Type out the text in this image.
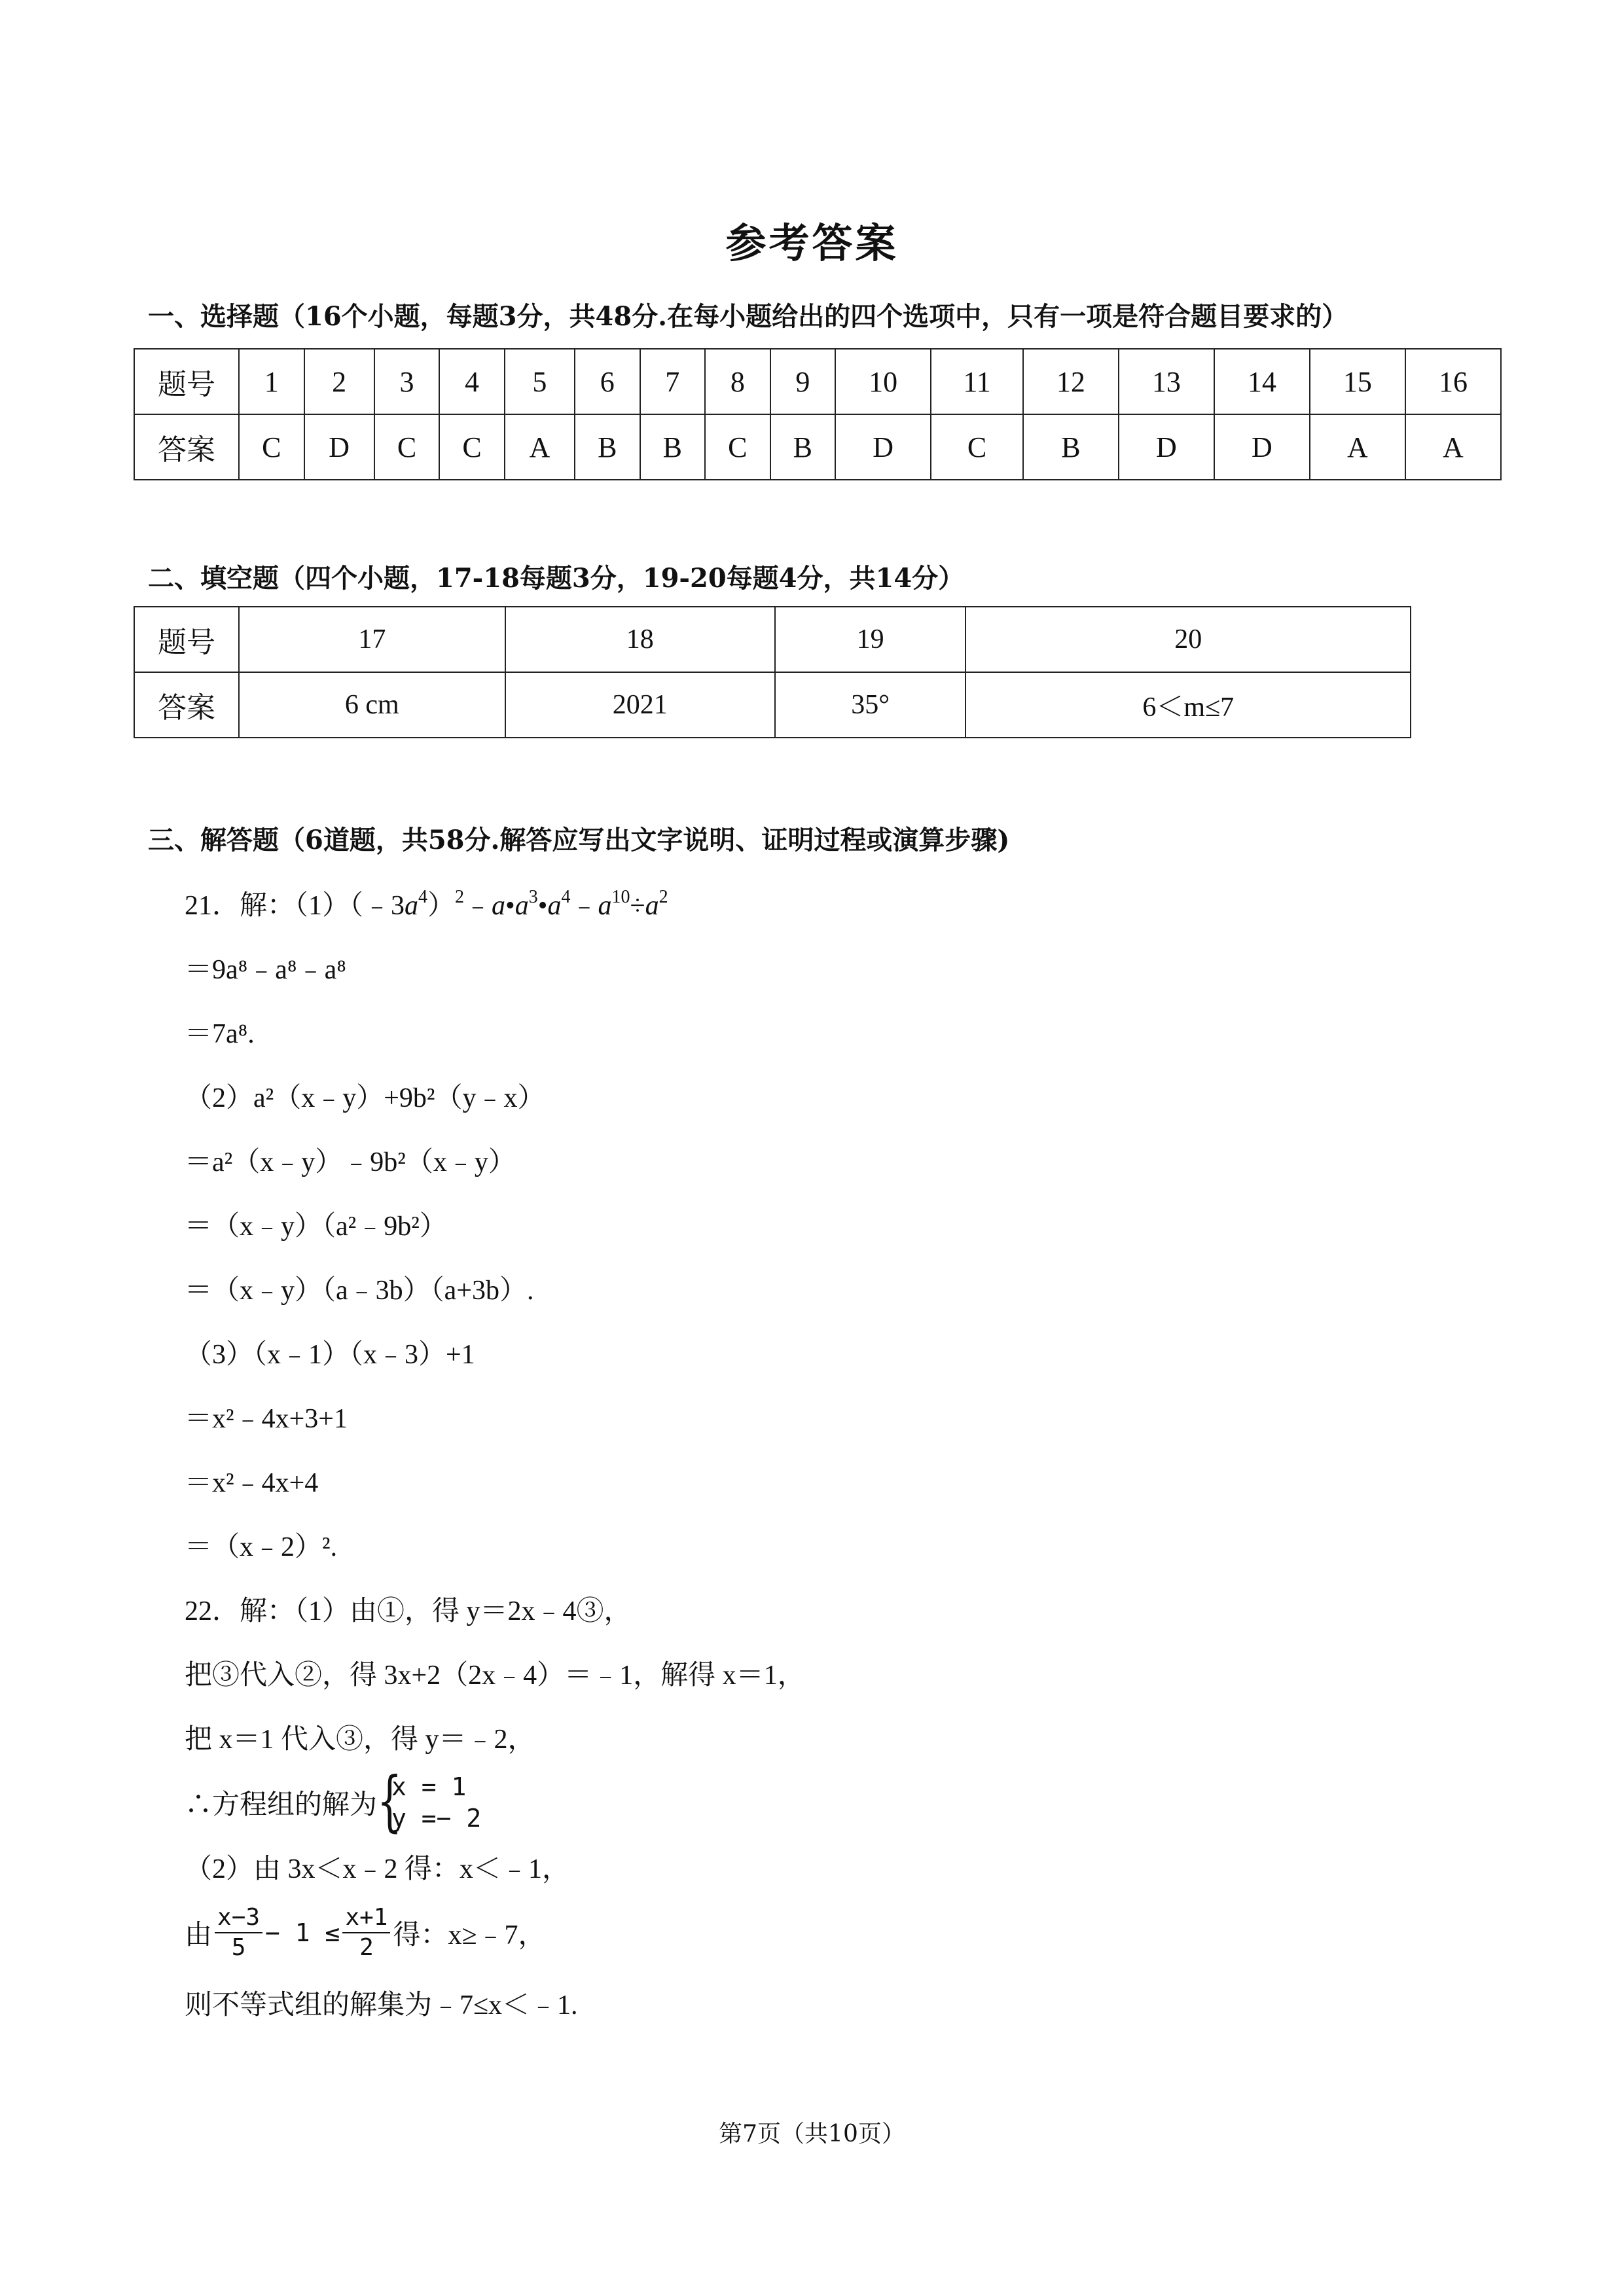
参考答案
一、选择题（16个小题，每题3分，共48分.在每小题给出的四个选项中，只有一项是符合题目要求的）
题号	1	2	3	4	5	6	7	8	9	10	11	12	13	14	15	16
答案	C	D	C	C	A	B	B	C	B	D	C	B	D	D	A	A
二、填空题（四个小题，17-18每题3分，19-20每题4分，共14分）
题号	17	18	19	20
答案	6 cm	2021	35°	6＜m≤7
三、解答题（6道题，共58分.解答应写出文字说明、证明过程或演算步骤)
21．解：$(1)(﹣3a^4)^2﹣a•a^3•a^4﹣a^{10}\div a^2$
＝9a⁸﹣a⁸﹣a⁸
＝7a⁸.
（2）a²（x﹣y）+9b²（y﹣x）
＝a²（x﹣y）﹣9b²（x﹣y）
＝（x﹣y）（a²﹣9b²）
＝（x﹣y）（a﹣3b）（a+3b）.
（3）（x﹣1）（x﹣3）+1
＝x²﹣4x+3+1
＝x²﹣4x+4
＝（x﹣2）².
22．解：（1）由①，得 y＝2x﹣4③，
把③代入②，得 3x+2（2x﹣4）＝﹣1，解得 x＝1，
把 x＝1 代入③，得 y＝﹣2，
∴方程组的解为 {
x = 1
y =− 2
（2）由 3x＜x﹣2 得：x＜﹣1，
由 $\frac{x-3}{5} - 1 \le \frac{x+1}{2}$ 得：x≥﹣7，
则不等式组的解集为﹣7≤x＜﹣1.
第7页（共10页）
